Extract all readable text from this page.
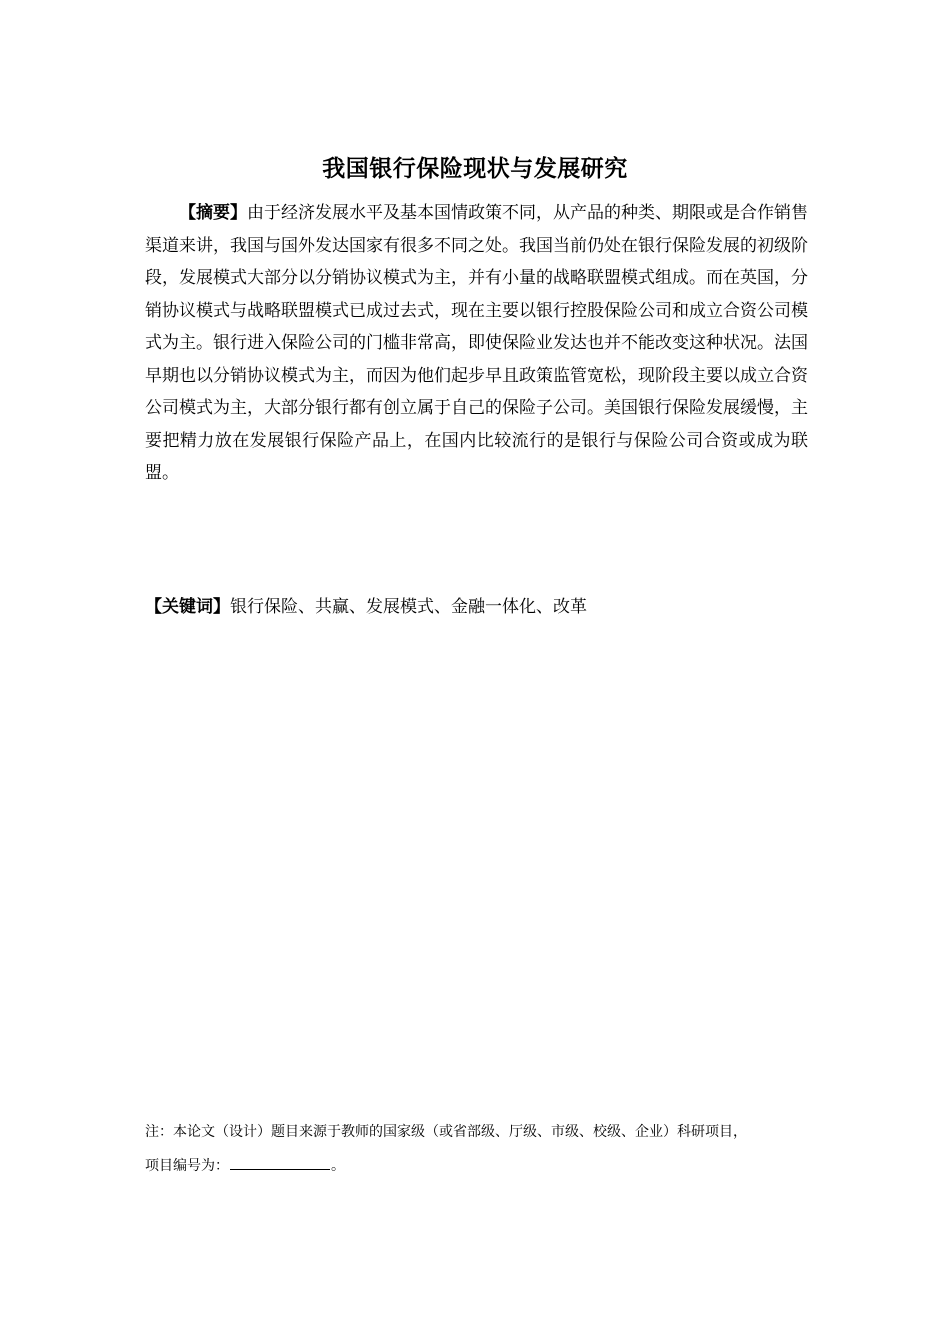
我国银行保险现状与发展研究

【摘要】由于经济发展水平及基本国情政策不同，从产品的种类、期限或是合作销售渠道来讲，我国与国外发达国家有很多不同之处。我国当前仍处在银行保险发展的初级阶段，发展模式大部分以分销协议模式为主，并有小量的战略联盟模式组成。而在英国，分销协议模式与战略联盟模式已成过去式，现在主要以银行控股保险公司和成立合资公司模式为主。银行进入保险公司的门槛非常高，即使保险业发达也并不能改变这种状况。法国早期也以分销协议模式为主，而因为他们起步早且政策监管宽松，现阶段主要以成立合资公司模式为主，大部分银行都有创立属于自己的保险子公司。美国银行保险发展缓慢，主要把精力放在发展银行保险产品上，在国内比较流行的是银行与保险公司合资或成为联盟。

【关键词】银行保险、共赢、发展模式、金融一体化、改革

注：本论文（设计）题目来源于教师的国家级（或省部级、厅级、市级、校级、企业）科研项目，
项目编号为：	。
